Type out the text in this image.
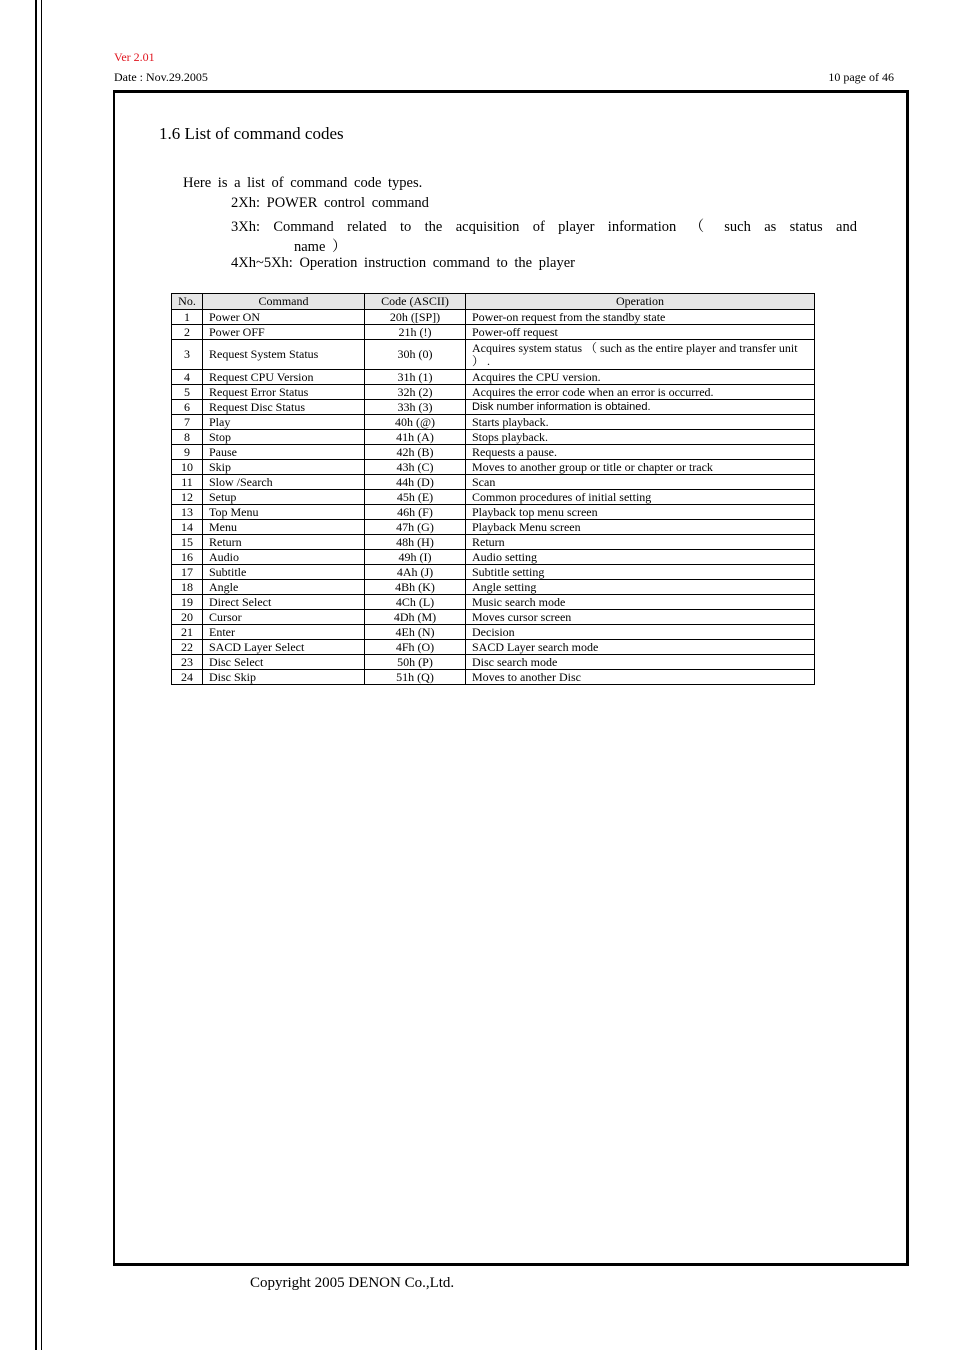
Ver 2.01
Date : Nov.29.2005	10 page of 46
1.6 List of command codes
Here is a list of command code types.
2Xh: POWER control command
3Xh: Command related to the acquisition of player information （ such as status and
name ）
4Xh~5Xh: Operation instruction command to the player
No.	Command	Code (ASCII)	Operation
1	Power ON	20h ([SP])	Power-on request from the standby state
2	Power OFF	21h (!)	Power-off request
3	Request System Status	30h (0)	Acquires system status （ such as the entire player and transfer unit ） .
4	Request CPU Version	31h (1)	Acquires the CPU version.
5	Request Error Status	32h (2)	Acquires the error code when an error is occurred.
6	Request Disc Status	33h (3)	Disk number information is obtained.
7	Play	40h (@)	Starts playback.
8	Stop	41h (A)	Stops playback.
9	Pause	42h (B)	Requests a pause.
10	Skip	43h (C)	Moves to another group or title or chapter or track
11	Slow /Search	44h (D)	Scan
12	Setup	45h (E)	Common procedures of initial setting
13	Top Menu	46h (F)	Playback top menu screen
14	Menu	47h (G)	Playback Menu screen
15	Return	48h (H)	Return
16	Audio	49h (I)	Audio setting
17	Subtitle	4Ah (J)	Subtitle setting
18	Angle	4Bh (K)	Angle setting
19	Direct Select	4Ch (L)	Music search mode
20	Cursor	4Dh (M)	Moves cursor screen
21	Enter	4Eh (N)	Decision
22	SACD Layer Select	4Fh (O)	SACD Layer search mode
23	Disc Select	50h (P)	Disc search mode
24	Disc Skip	51h (Q)	Moves to another Disc
Copyright 2005 DENON Co.,Ltd.
